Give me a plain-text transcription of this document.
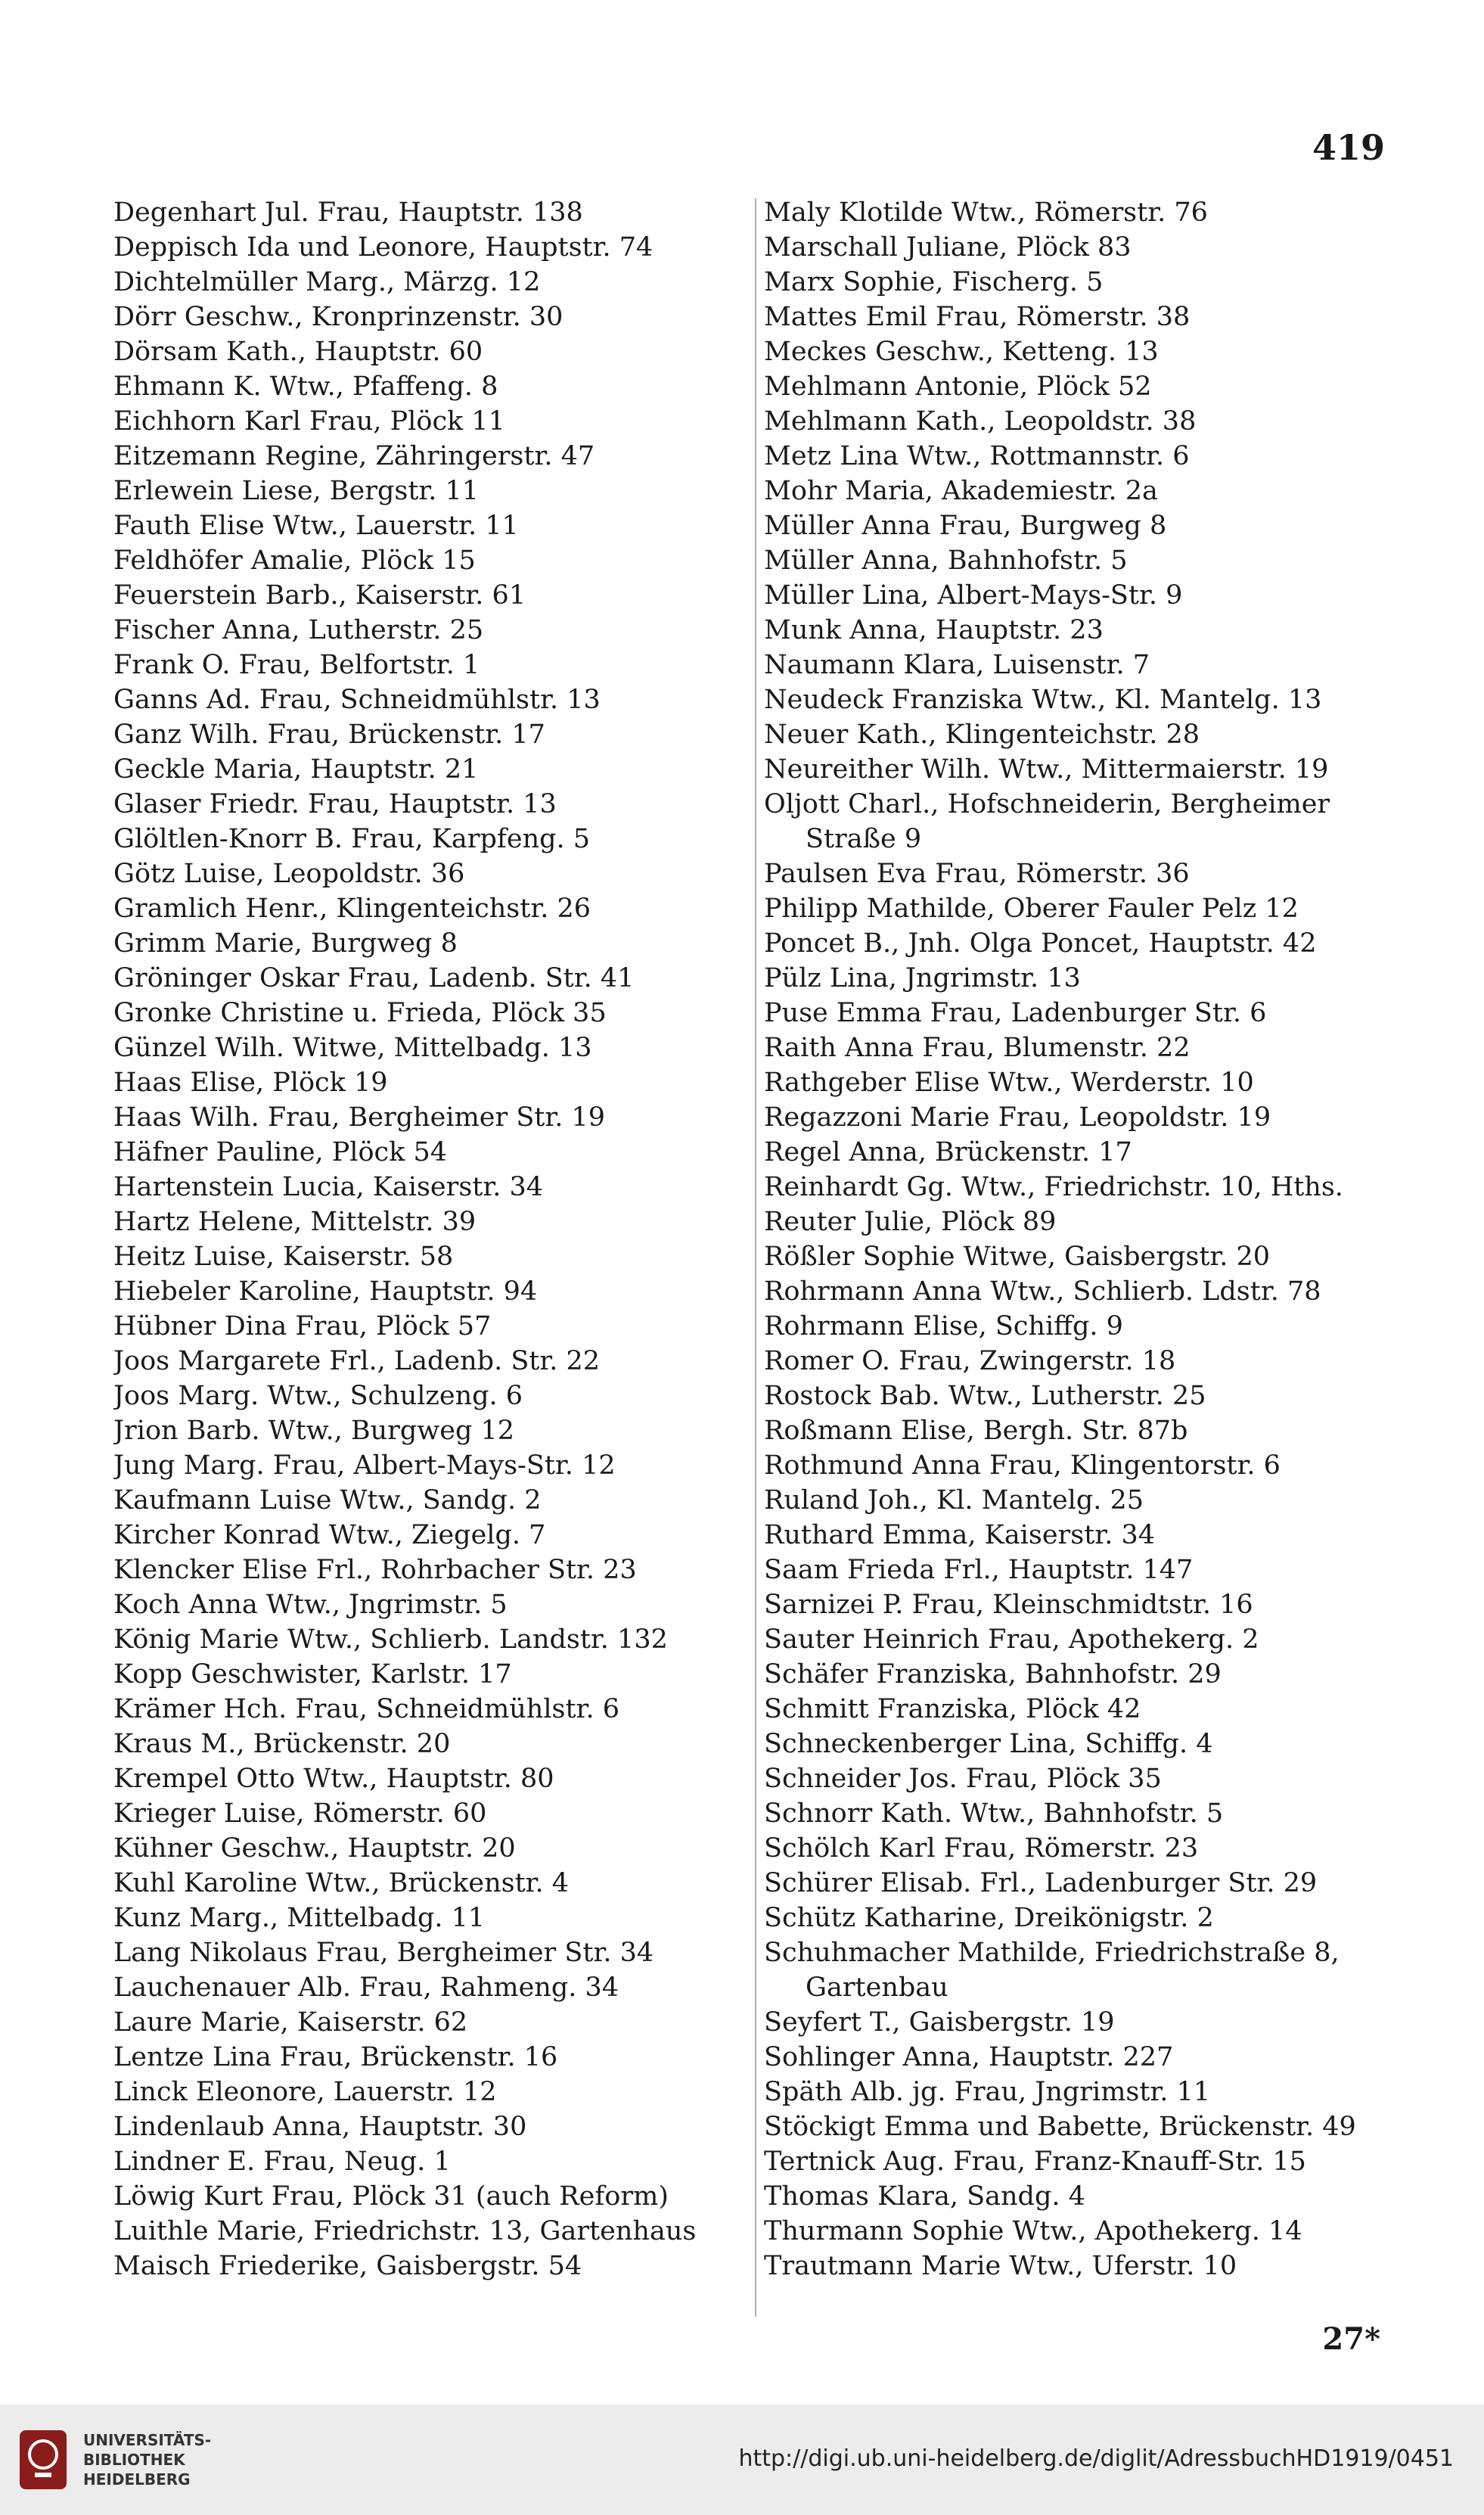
419
Degenhart Jul. Frau, Hauptstr. 138
Deppisch Ida und Leonore, Hauptstr. 74
Dichtelmüller Marg., Märzg. 12
Dörr Geschw., Kronprinzenstr. 30
Dörsam Kath., Hauptstr. 60
Ehmann K. Wtw., Pfaffeng. 8
Eichhorn Karl Frau, Plöck 11
Eitzemann Regine, Zähringerstr. 47
Erlewein Liese, Bergstr. 11
Fauth Elise Wtw., Lauerstr. 11
Feldhöfer Amalie, Plöck 15
Feuerstein Barb., Kaiserstr. 61
Fischer Anna, Lutherstr. 25
Frank O. Frau, Belfortstr. 1
Ganns Ad. Frau, Schneidmühlstr. 13
Ganz Wilh. Frau, Brückenstr. 17
Geckle Maria, Hauptstr. 21
Glaser Friedr. Frau, Hauptstr. 13
Glöltlen-Knorr B. Frau, Karpfeng. 5
Götz Luise, Leopoldstr. 36
Gramlich Henr., Klingenteichstr. 26
Grimm Marie, Burgweg 8
Gröninger Oskar Frau, Ladenb. Str. 41
Gronke Christine u. Frieda, Plöck 35
Günzel Wilh. Witwe, Mittelbadg. 13
Haas Elise, Plöck 19
Haas Wilh. Frau, Bergheimer Str. 19
Häfner Pauline, Plöck 54
Hartenstein Lucia, Kaiserstr. 34
Hartz Helene, Mittelstr. 39
Heitz Luise, Kaiserstr. 58
Hiebeler Karoline, Hauptstr. 94
Hübner Dina Frau, Plöck 57
Joos Margarete Frl., Ladenb. Str. 22
Joos Marg. Wtw., Schulzeng. 6
Jrion Barb. Wtw., Burgweg 12
Jung Marg. Frau, Albert-Mays-Str. 12
Kaufmann Luise Wtw., Sandg. 2
Kircher Konrad Wtw., Ziegelg. 7
Klencker Elise Frl., Rohrbacher Str. 23
Koch Anna Wtw., Jngrimstr. 5
König Marie Wtw., Schlierb. Landstr. 132
Kopp Geschwister, Karlstr. 17
Krämer Hch. Frau, Schneidmühlstr. 6
Kraus M., Brückenstr. 20
Krempel Otto Wtw., Hauptstr. 80
Krieger Luise, Römerstr. 60
Kühner Geschw., Hauptstr. 20
Kuhl Karoline Wtw., Brückenstr. 4
Kunz Marg., Mittelbadg. 11
Lang Nikolaus Frau, Bergheimer Str. 34
Lauchenauer Alb. Frau, Rahmeng. 34
Laure Marie, Kaiserstr. 62
Lentze Lina Frau, Brückenstr. 16
Linck Eleonore, Lauerstr. 12
Lindenlaub Anna, Hauptstr. 30
Lindner E. Frau, Neug. 1
Löwig Kurt Frau, Plöck 31 (auch Reform)
Luithle Marie, Friedrichstr. 13, Gartenhaus
Maisch Friederike, Gaisbergstr. 54
Maly Klotilde Wtw., Römerstr. 76
Marschall Juliane, Plöck 83
Marx Sophie, Fischerg. 5
Mattes Emil Frau, Römerstr. 38
Meckes Geschw., Ketteng. 13
Mehlmann Antonie, Plöck 52
Mehlmann Kath., Leopoldstr. 38
Metz Lina Wtw., Rottmannstr. 6
Mohr Maria, Akademiestr. 2a
Müller Anna Frau, Burgweg 8
Müller Anna, Bahnhofstr. 5
Müller Lina, Albert-Mays-Str. 9
Munk Anna, Hauptstr. 23
Naumann Klara, Luisenstr. 7
Neudeck Franziska Wtw., Kl. Mantelg. 13
Neuer Kath., Klingenteichstr. 28
Neureither Wilh. Wtw., Mittermaierstr. 19
Oljott Charl., Hofschneiderin, Bergheimer
Straße 9
Paulsen Eva Frau, Römerstr. 36
Philipp Mathilde, Oberer Fauler Pelz 12
Poncet B., Jnh. Olga Poncet, Hauptstr. 42
Pülz Lina, Jngrimstr. 13
Puse Emma Frau, Ladenburger Str. 6
Raith Anna Frau, Blumenstr. 22
Rathgeber Elise Wtw., Werderstr. 10
Regazzoni Marie Frau, Leopoldstr. 19
Regel Anna, Brückenstr. 17
Reinhardt Gg. Wtw., Friedrichstr. 10, Hths.
Reuter Julie, Plöck 89
Rößler Sophie Witwe, Gaisbergstr. 20
Rohrmann Anna Wtw., Schlierb. Ldstr. 78
Rohrmann Elise, Schiffg. 9
Romer O. Frau, Zwingerstr. 18
Rostock Bab. Wtw., Lutherstr. 25
Roßmann Elise, Bergh. Str. 87b
Rothmund Anna Frau, Klingentorstr. 6
Ruland Joh., Kl. Mantelg. 25
Ruthard Emma, Kaiserstr. 34
Saam Frieda Frl., Hauptstr. 147
Sarnizei P. Frau, Kleinschmidtstr. 16
Sauter Heinrich Frau, Apothekerg. 2
Schäfer Franziska, Bahnhofstr. 29
Schmitt Franziska, Plöck 42
Schneckenberger Lina, Schiffg. 4
Schneider Jos. Frau, Plöck 35
Schnorr Kath. Wtw., Bahnhofstr. 5
Schölch Karl Frau, Römerstr. 23
Schürer Elisab. Frl., Ladenburger Str. 29
Schütz Katharine, Dreikönigstr. 2
Schuhmacher Mathilde, Friedrichstraße 8,
Gartenbau
Seyfert T., Gaisbergstr. 19
Sohlinger Anna, Hauptstr. 227
Späth Alb. jg. Frau, Jngrimstr. 11
Stöckigt Emma und Babette, Brückenstr. 49
Tertnick Aug. Frau, Franz-Knauff-Str. 15
Thomas Klara, Sandg. 4
Thurmann Sophie Wtw., Apothekerg. 14
Trautmann Marie Wtw., Uferstr. 10
27*
UNIVERSITÄTS-
BIBLIOTHEK
HEIDELBERG
http://digi.ub.uni-heidelberg.de/diglit/AdressbuchHD1919/0451
